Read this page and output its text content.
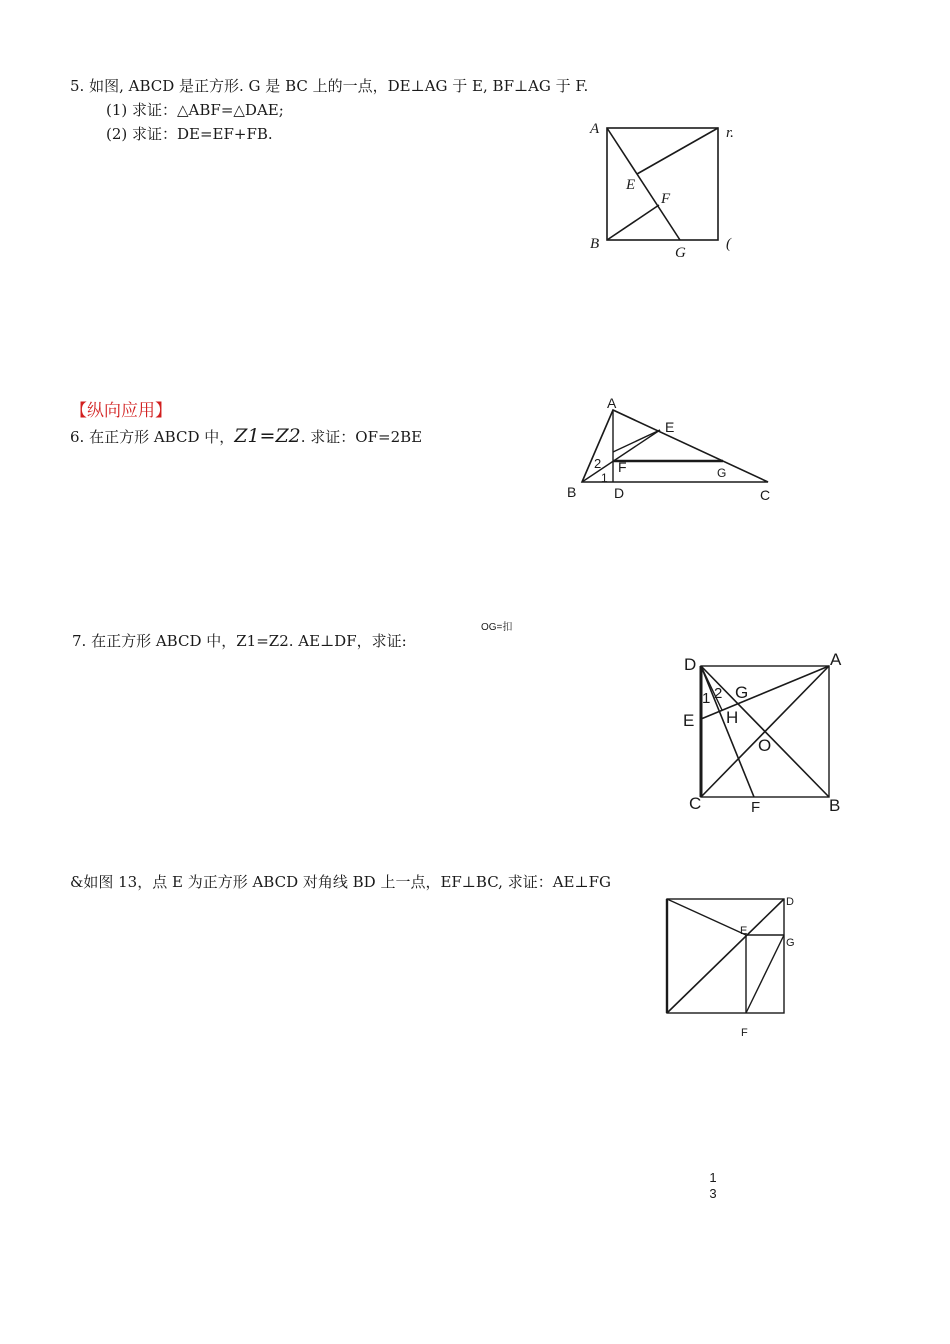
5. 如图, ABCD 是正方形. G 是 BC 上的一点，DE⊥AG 于 E, BF⊥AG 于 F.
(1) 求证：△ABF=△DAE;
(2) 求证：DE=EF+FB.	A
B
E
F
G
r.
(
【纵向应用】
6. 在正方形 ABCD 中，Z1=Z2. 求证：OF=2BE
A
E
2 F	G
1
B	D	C
7. 在正方形 ABCD 中，Z1=Z2. AE⊥DF，求证:
OG=扣
D	A
1 2 G
E H
O
C	F	B
&如图 13，点 E 为正方形 ABCD 对角线 BD 上一点，EF⊥BC, 求证：AE⊥FG
D
E
G
F
1
3
